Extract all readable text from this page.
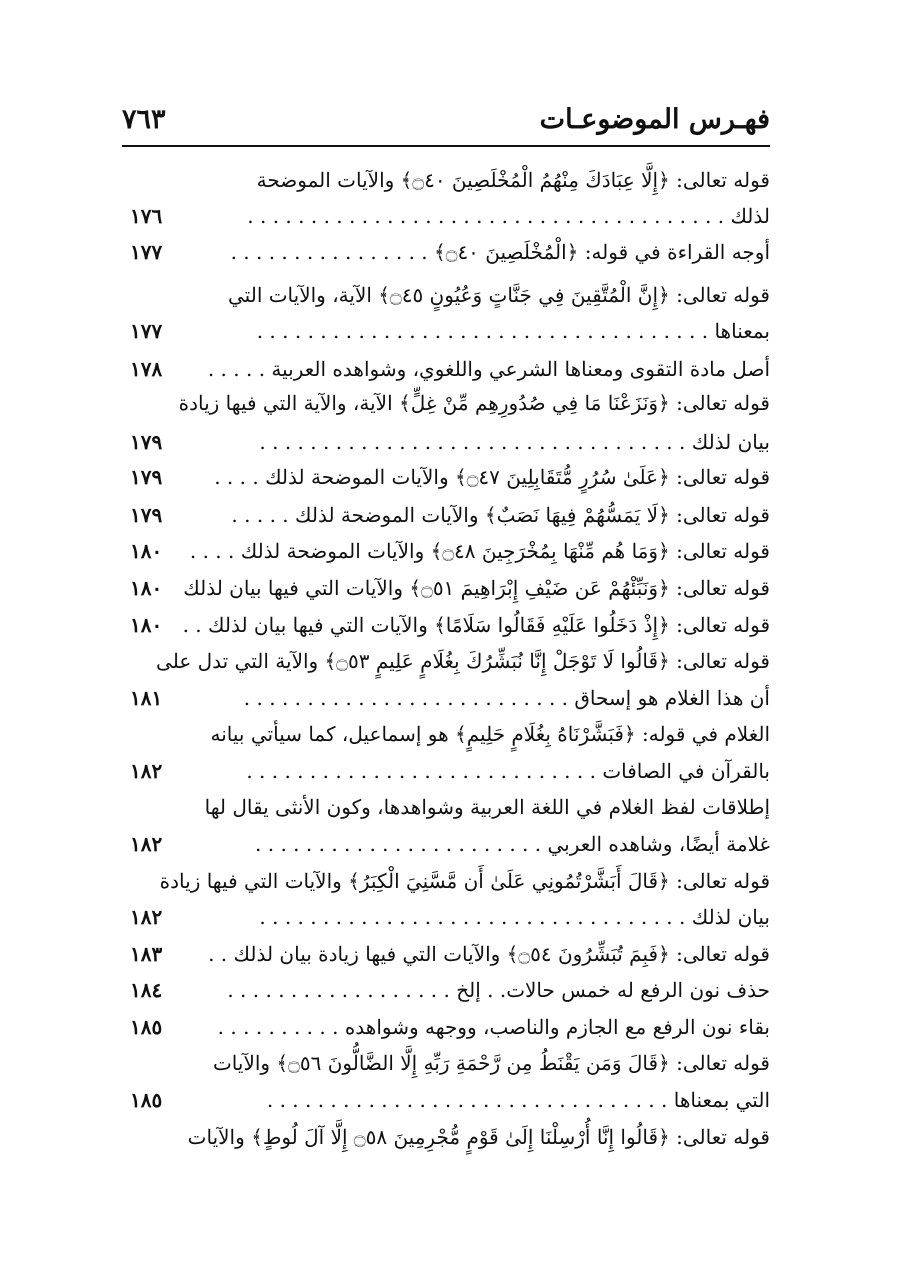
فهـرس الموضوعـات
٧٦٣
قوله تعالى: ﴿إِلَّا عِبَادَكَ مِنْهُمُ الْمُخْلَصِينَ ۝٤٠﴾ والآيات الموضحة
لذلك . . . . . . . . . . . . . . . . . . . . . . . . . . . . . . . . . . . . . .
١٧٦
أوجه القراءة في قوله: ﴿الْمُخْلَصِينَ ۝٤٠﴾ . . . . . . . . . . . . . . . .
١٧٧
قوله تعالى: ﴿إِنَّ الْمُتَّقِينَ فِي جَنَّاتٍ وَعُيُونٍ ۝٤٥﴾ الآية، والآيات التي
بمعناها . . . . . . . . . . . . . . . . . . . . . . . . . . . . . . . . . . . .
١٧٧
أصل مادة التقوى ومعناها الشرعي واللغوي، وشواهده العربية . . . . .
١٧٨
قوله تعالى: ﴿وَنَزَعْنَا مَا فِي صُدُورِهِم مِّنْ غِلٍّ﴾ الآية، والآية التي فيها زيادة
بيان لذلك . . . . . . . . . . . . . . . . . . . . . . . . . . . . . . . . . .
١٧٩
قوله تعالى: ﴿عَلَىٰ سُرُرٍ مُّتَقَابِلِينَ ۝٤٧﴾ والآيات الموضحة لذلك . . . .
١٧٩
قوله تعالى: ﴿لَا يَمَسُّهُمْ فِيهَا نَصَبٌ﴾ والآيات الموضحة لذلك . . . . .
١٧٩
قوله تعالى: ﴿وَمَا هُم مِّنْهَا بِمُخْرَجِينَ ۝٤٨﴾ والآيات الموضحة لذلك . . . .
١٨٠
قوله تعالى: ﴿وَنَبِّئْهُمْ عَن ضَيْفِ إِبْرَاهِيمَ ۝٥١﴾ والآيات التي فيها بيان لذلك
١٨٠
قوله تعالى: ﴿إِذْ دَخَلُوا عَلَيْهِ فَقَالُوا سَلَامًا﴾ والآيات التي فيها بيان لذلك . .
١٨٠
قوله تعالى: ﴿قَالُوا لَا تَوْجَلْ إِنَّا نُبَشِّرُكَ بِغُلَامٍ عَلِيمٍ ۝٥٣﴾ والآية التي تدل على
أن هذا الغلام هو إسحاق . . . . . . . . . . . . . . . . . . . . . . . . . .
١٨١
الغلام في قوله: ﴿فَبَشَّرْنَاهُ بِغُلَامٍ حَلِيمٍ﴾ هو إسماعيل، كما سيأتي بيانه
بالقرآن في الصافات . . . . . . . . . . . . . . . . . . . . . . . . . . . .
١٨٢
إطلاقات لفظ الغلام في اللغة العربية وشواهدها، وكون الأنثى يقال لها
غلامة أيضًا، وشاهده العربي . . . . . . . . . . . . . . . . . . . . . . .
١٨٢
قوله تعالى: ﴿قَالَ أَبَشَّرْتُمُونِي عَلَىٰ أَن مَّسَّنِيَ الْكِبَرُ﴾ والآيات التي فيها زيادة
بيان لذلك . . . . . . . . . . . . . . . . . . . . . . . . . . . . . . . . . .
١٨٢
قوله تعالى: ﴿فَبِمَ تُبَشِّرُونَ ۝٥٤﴾ والآيات التي فيها زيادة بيان لذلك . .
١٨٣
حذف نون الرفع له خمس حالات. . إلخ . . . . . . . . . . . . . . . . . .
١٨٤
بقاء نون الرفع مع الجازم والناصب، ووجهه وشواهده . . . . . . . . . .
١٨٥
قوله تعالى: ﴿قَالَ وَمَن يَقْنَطُ مِن رَّحْمَةِ رَبِّهِ إِلَّا الضَّالُّونَ ۝٥٦﴾ والآيات
التي بمعناها . . . . . . . . . . . . . . . . . . . . . . . . . . . . . . . .
١٨٥
قوله تعالى: ﴿قَالُوا إِنَّا أُرْسِلْنَا إِلَىٰ قَوْمٍ مُّجْرِمِينَ ۝٥٨ إِلَّا آلَ لُوطٍ﴾ والآيات
